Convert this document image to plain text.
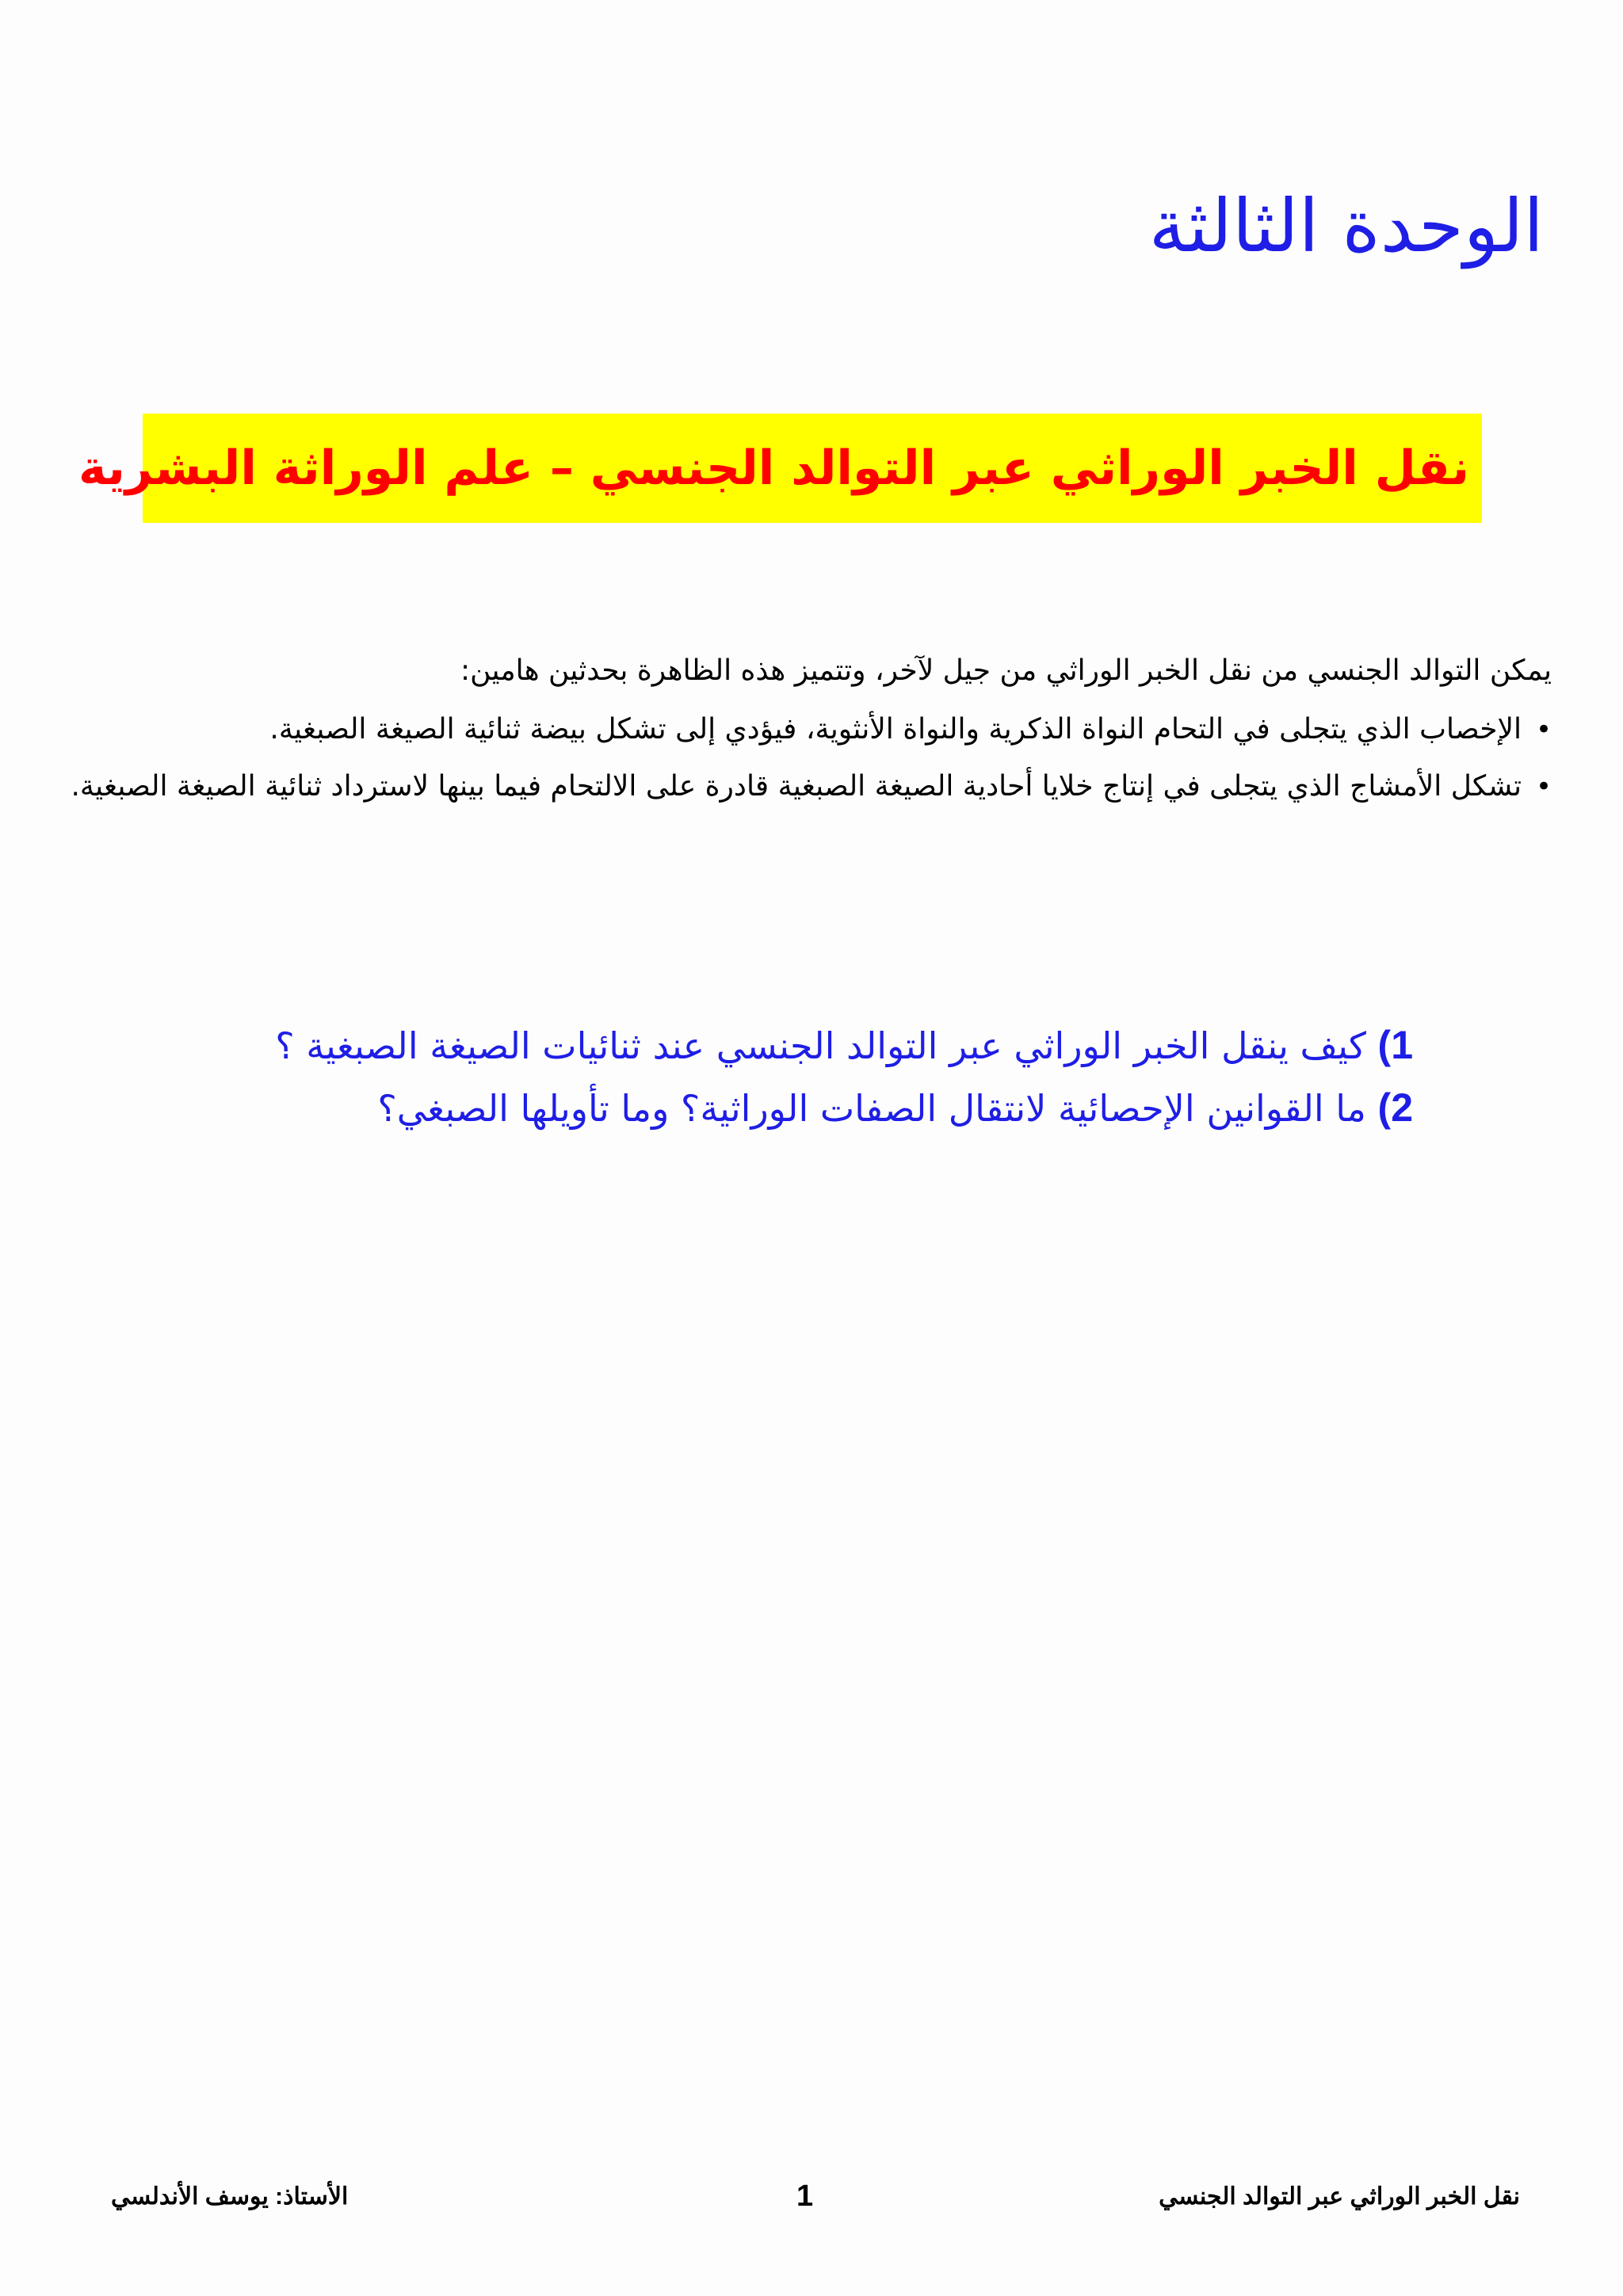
الوحدة الثالثة
نقل الخبر الوراثي عبر التوالد الجنسي – علم الوراثة البشرية

يمكن التوالد الجنسي من نقل الخبر الوراثي من جيل لآخر، وتتميز هذه الظاهرة بحدثين هامين:

•
الإخصاب الذي يتجلى في التحام النواة الذكرية والنواة الأنثوية، فيؤدي إلى تشكل بيضة ثنائية الصيغة الصبغية.
•
تشكل الأمشاج الذي يتجلى في إنتاج خلايا أحادية الصيغة الصبغية قادرة على الالتحام فيما بينها لاسترداد ثنائية الصيغة الصبغية.
1) كيف ينقل الخبر الوراثي عبر التوالد الجنسي عند ثنائيات الصيغة الصبغية ؟
2) ما القوانين الإحصائية لانتقال الصفات الوراثية؟ وما تأويلها الصبغي؟
نقل الخبر الوراثي عبر التوالد الجنسي
1
الأستاذ: يوسف الأندلسي
